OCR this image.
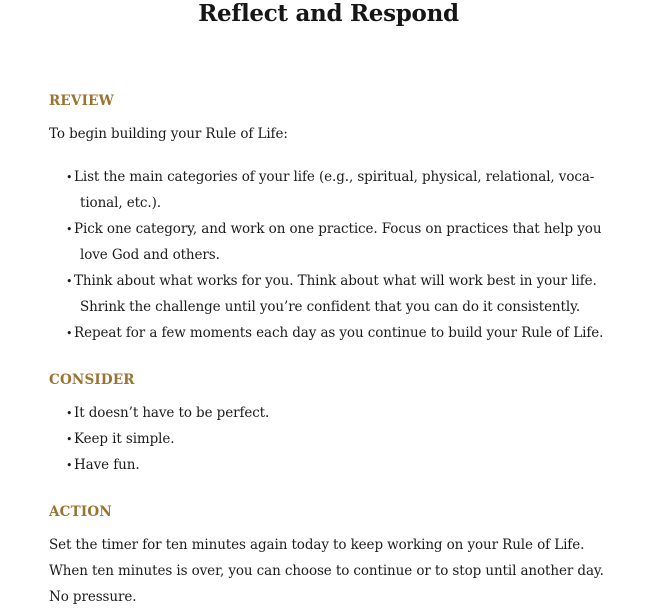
Reflect and Respond
REVIEW
To begin building your Rule of Life:
• List the main categories of your life (e.g., spiritual, physical, relational, voca-
tional, etc.).
• Pick one category, and work on one practice. Focus on practices that help you
love God and others.
• Think about what works for you. Think about what will work best in your life.
Shrink the challenge until you’re confident that you can do it consistently.
• Repeat for a few moments each day as you continue to build your Rule of Life.
CONSIDER
• It doesn’t have to be perfect.
• Keep it simple.
• Have fun.
ACTION
Set the timer for ten minutes again today to keep working on your Rule of Life.
When ten minutes is over, you can choose to continue or to stop until another day.
No pressure.
